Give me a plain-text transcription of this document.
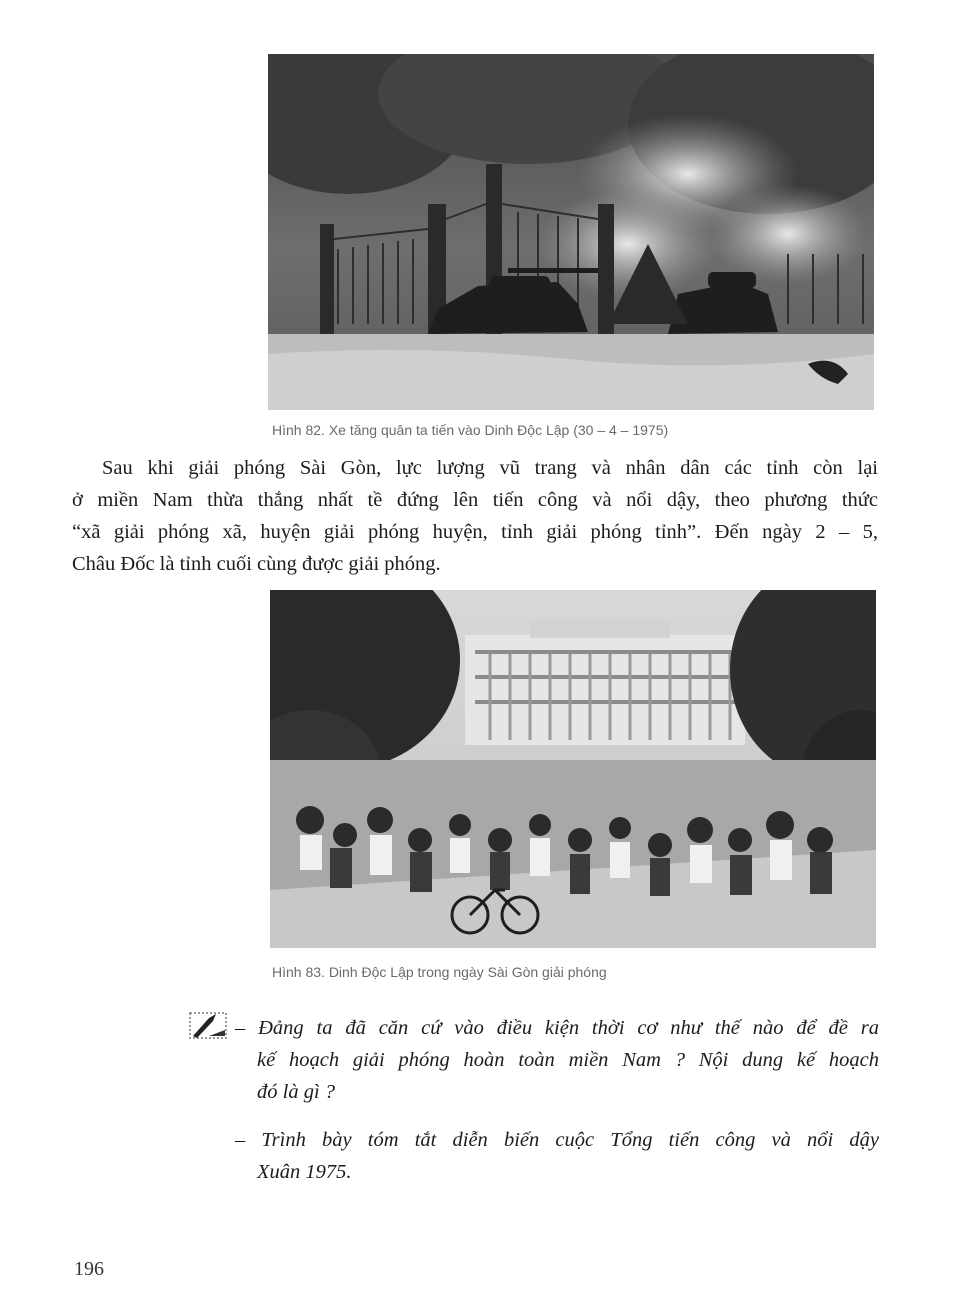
Hình 82. Xe tăng quân ta tiến vào Dinh Độc Lập (30 – 4 – 1975)
Sau khi giải phóng Sài Gòn, lực lượng vũ trang và nhân dân các tỉnh còn lại
ở miền Nam thừa thắng nhất tề đứng lên tiến công và nổi dậy, theo phương thức
“xã giải phóng xã, huyện giải phóng huyện, tỉnh giải phóng tỉnh”. Đến ngày 2 – 5,
Châu Đốc là tỉnh cuối cùng được giải phóng.
Hình 83. Dinh Độc Lập trong ngày Sài Gòn giải phóng
– Đảng ta đã căn cứ vào điều kiện thời cơ như thế nào để đề ra
kế hoạch giải phóng hoàn toàn miền Nam ? Nội dung kế hoạch
đó là gì ?
– Trình bày tóm tắt diễn biến cuộc Tổng tiến công và nổi dậy
Xuân 1975.
196
